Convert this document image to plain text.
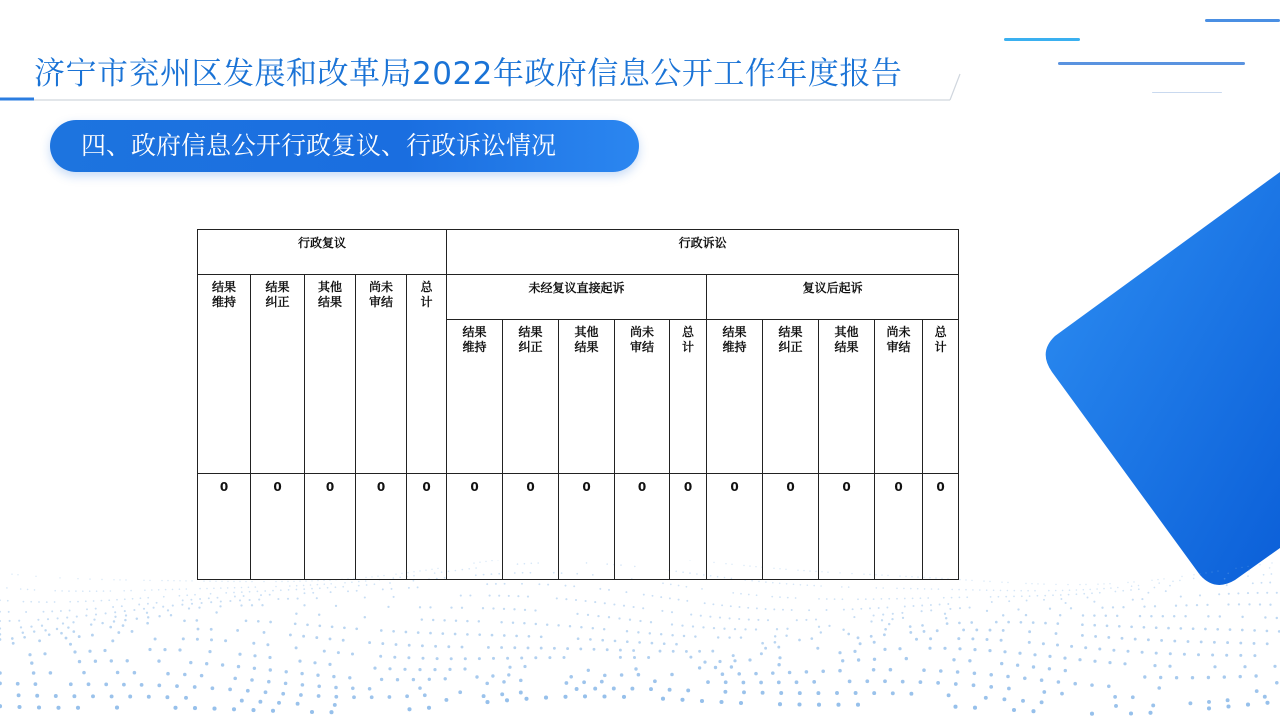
济宁市兖州区发展和改革局2022年政府信息公开工作年度报告
四、政府信息公开行政复议、行政诉讼情况
行政复议					行政诉讼									
结果维持	结果纠正	其他结果	尚未审结	总计	未经复议直接起诉					复议后起诉				
					结果维持	结果纠正	其他结果	尚未审结	总计	结果维持	结果纠正	其他结果	尚未审结	总计
0	0	0	0	0	0	0	0	0	0	0	0	0	0	0
